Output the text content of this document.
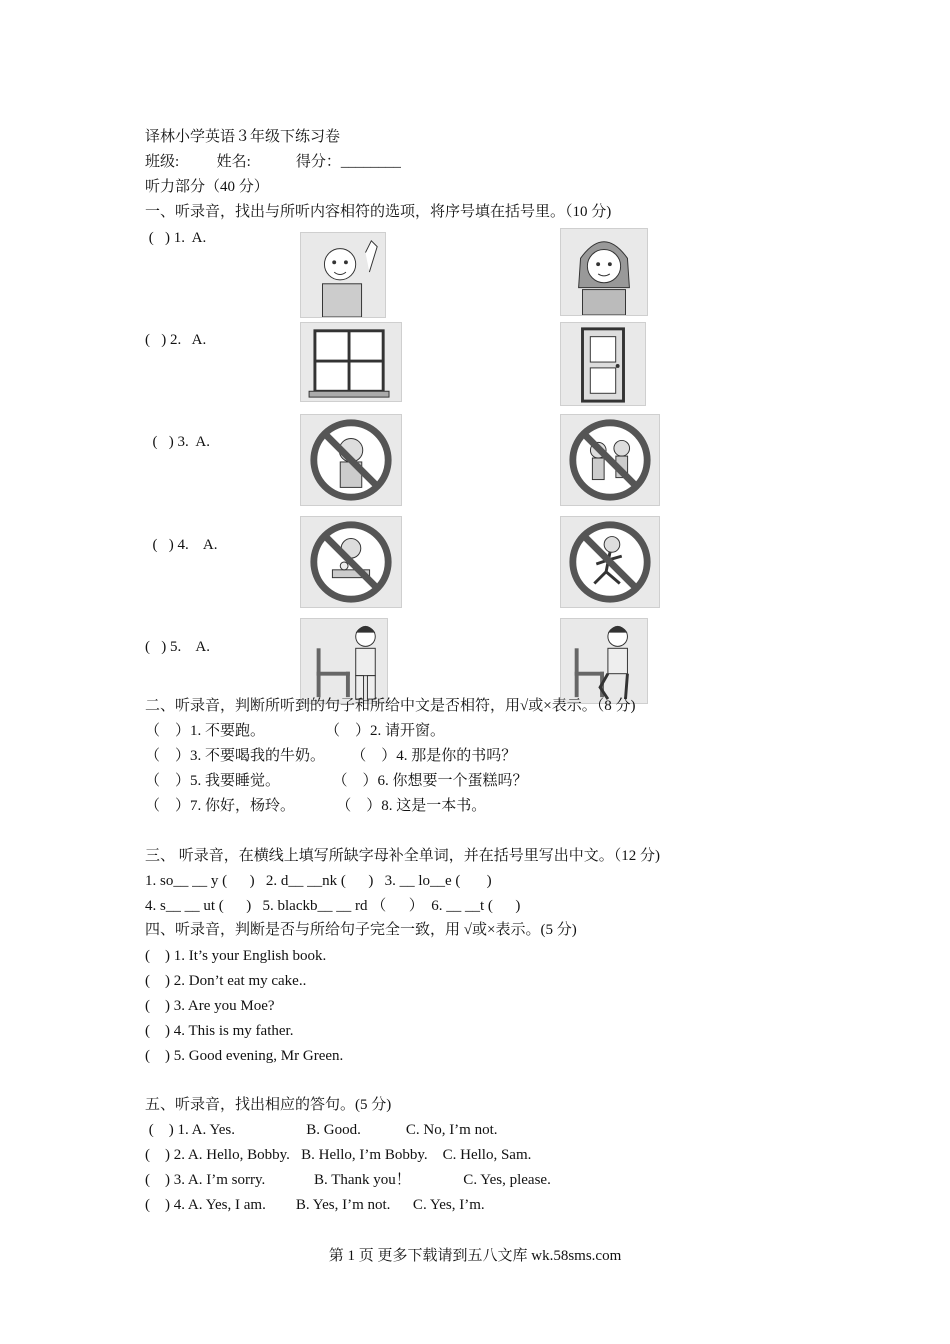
译林小学英语３年级下练习卷
班级:          姓名:            得分：________
听力部分（40 分）
一、听录音，找出与所听内容相符的选项，将序号填在括号里。（10 分)
(   ) 1.  A.
(   ) 2.   A.
(   ) 3.  A.
(   ) 4.    A.
(   ) 5.    A.
二、听录音，判断所听到的句子和所给中文是否相符，用√或×表示。（8 分)
（    ）1. 不要跑。                （    ）2. 请开窗。
（    ）3. 不要喝我的牛奶。       （    ）4. 那是你的书吗？
（    ）5. 我要睡觉。              （    ）6. 你想要一个蛋糕吗？
（    ）7. 你好，杨玲。           （    ）8. 这是一本书。
三、 听录音，在横线上填写所缺字母补全单词，并在括号里写出中文。（12 分)
1. so__ __ y (      )   2. d__ __nk (      )   3. __ lo__e (       )
4. s__ __ ut (      )   5. blackb__ __ rd （      ）  6. __ __t (      )
四、听录音，判断是否与所给句子完全一致，用 √或×表示。(5 分)
(    ) 1. It’s your English book.
(    ) 2. Don’t eat my cake..
(    ) 3. Are you Moe?
(    ) 4. This is my father.
(    ) 5. Good evening, Mr Green.
五、听录音，找出相应的答句。(5 分)
(    ) 1. A. Yes.                   B. Good.            C. No, I’m not.
(    ) 2. A. Hello, Bobby.   B. Hello, I’m Bobby.    C. Hello, Sam.
(    ) 3. A. I’m sorry.             B. Thank you！              C. Yes, please.
(    ) 4. A. Yes, I am.        B. Yes, I’m not.      C. Yes, I’m.
第 1 页 更多下载请到五八文库 wk.58sms.com
